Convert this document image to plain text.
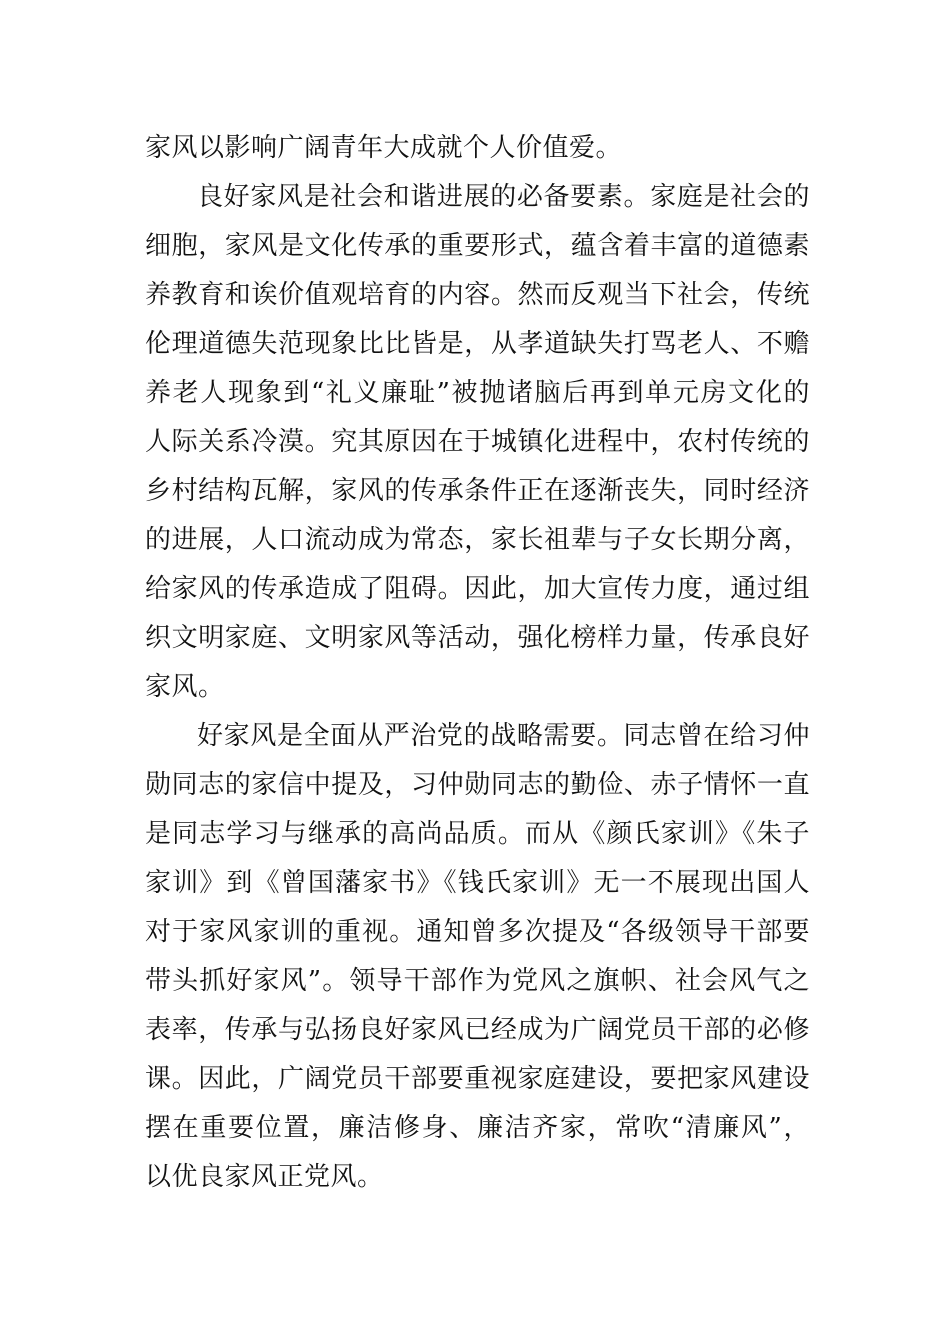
家风以影响广阔青年大成就个人价值爱。
良好家风是社会和谐进展的必备要素。家庭是社会的
细胞，家风是文化传承的重要形式，蕴含着丰富的道德素
养教育和诶价值观培育的内容。然而反观当下社会，传统
伦理道德失范现象比比皆是，从孝道缺失打骂老人、不赡
养老人现象到“礼义廉耻”被抛诸脑后再到单元房文化的
人际关系冷漠。究其原因在于城镇化进程中，农村传统的
乡村结构瓦解，家风的传承条件正在逐渐丧失，同时经济
的进展，人口流动成为常态，家长祖辈与子女长期分离，
给家风的传承造成了阻碍。因此，加大宣传力度，通过组
织文明家庭、文明家风等活动，强化榜样力量，传承良好
家风。
好家风是全面从严治党的战略需要。同志曾在给习仲
勋同志的家信中提及，习仲勋同志的勤俭、赤子情怀一直
是同志学习与继承的高尚品质。而从《颜氏家训》《朱子
家训》到《曾国藩家书》《钱氏家训》无一不展现出国人
对于家风家训的重视。通知曾多次提及“各级领导干部要
带头抓好家风”。领导干部作为党风之旗帜、社会风气之
表率，传承与弘扬良好家风已经成为广阔党员干部的必修
课。因此，广阔党员干部要重视家庭建设，要把家风建设
摆在重要位置，廉洁修身、廉洁齐家，常吹“清廉风”，
以优良家风正党风。
